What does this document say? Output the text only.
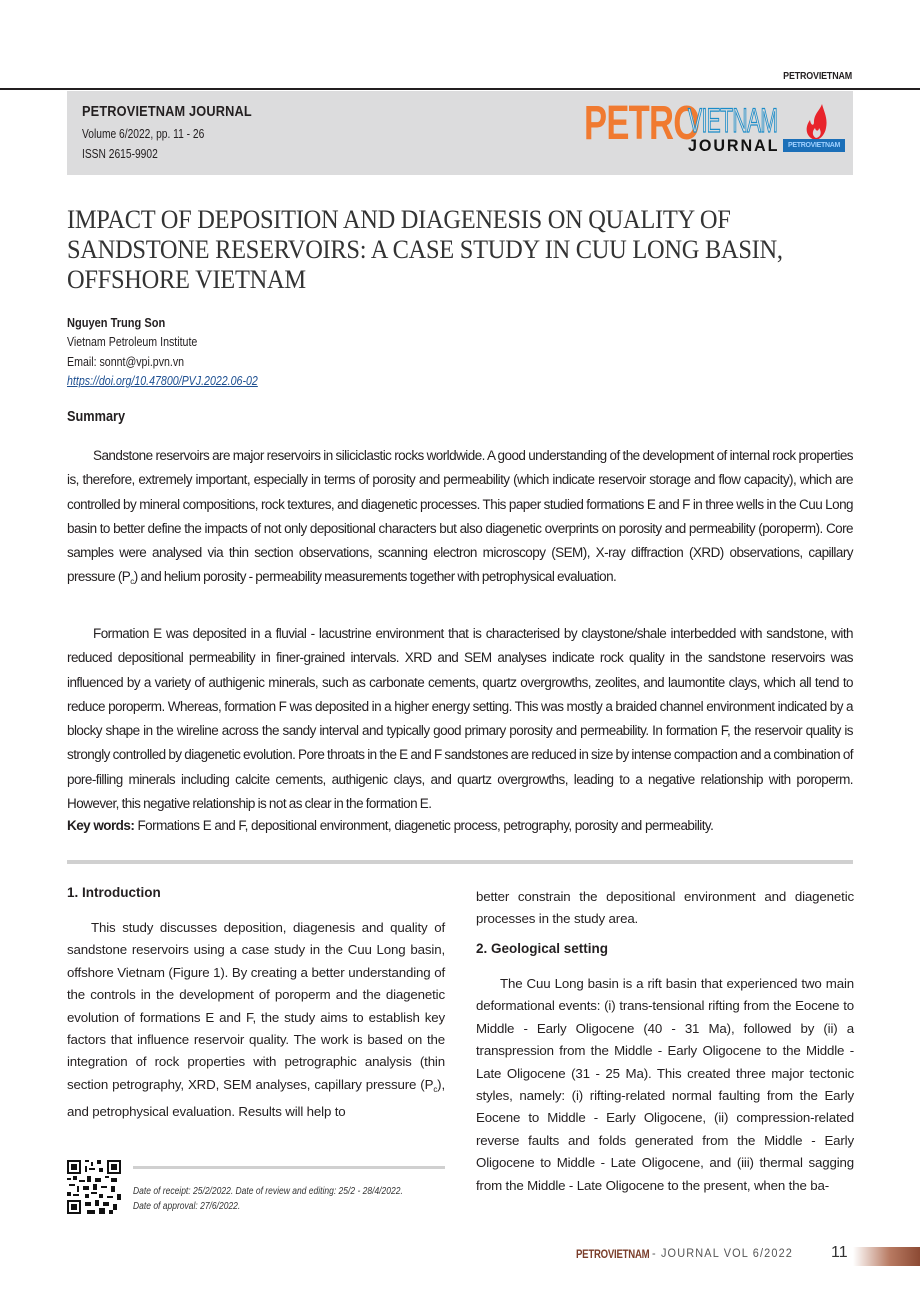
PETROVIETNAM
PETROVIETNAM JOURNAL
Volume 6/2022, pp. 11 - 26
ISSN 2615-9902
PETRO
VIETNAM
JOURNAL	PETROVIETNAM
IMPACT OF DEPOSITION AND DIAGENESIS ON QUALITY OF SANDSTONE RESERVOIRS: A CASE STUDY IN CUU LONG BASIN, OFFSHORE VIETNAM
Nguyen Trung Son
Vietnam Petroleum Institute
Email: sonnt@vpi.pvn.vn
https://doi.org/10.47800/PVJ.2022.06-02
Summary

Sandstone reservoirs are major reservoirs in siliciclastic rocks worldwide. A good understanding of the development of internal rock properties is, therefore, extremely important, especially in terms of porosity and permeability (which indicate reservoir storage and flow capacity), which are controlled by mineral compositions, rock textures, and diagenetic processes. This paper studied formations E and F in three wells in the Cuu Long basin to better define the impacts of not only depositional characters but also diagenetic overprints on porosity and permeability (poroperm). Core samples were analysed via thin section observations, scanning electron microscopy (SEM), X-ray diffraction (XRD) observations, capillary pressure $(P_c)$ and helium porosity - permeability measurements together with petrophysical evaluation.

Formation E was deposited in a fluvial - lacustrine environment that is characterised by claystone/shale interbedded with sandstone, with reduced depositional permeability in finer-grained intervals. XRD and SEM analyses indicate rock quality in the sandstone reservoirs was influenced by a variety of authigenic minerals, such as carbonate cements, quartz overgrowths, zeolites, and laumontite clays, which all tend to reduce poroperm. Whereas, formation F was deposited in a higher energy setting. This was mostly a braided channel environment indicated by a blocky shape in the wireline across the sandy interval and typically good primary porosity and permeability. In formation F, the reservoir quality is strongly controlled by diagenetic evolution. Pore throats in the E and F sandstones are reduced in size by intense compaction and a combination of pore-filling minerals including calcite cements, authigenic clays, and quartz overgrowths, leading to a negative relationship with poroperm. However, this negative relationship is not as clear in the formation E.

Key words: Formations E and F, depositional environment, diagenetic process, petrography, porosity and permeability.

1. Introduction

This study discusses deposition, diagenesis and quality of sandstone reservoirs using a case study in the Cuu Long basin, offshore Vietnam (Figure 1). By creating a better understanding of the controls in the development of poroperm and the diagenetic evolution of formations E and F, the study aims to establish key factors that influence reservoir quality. The work is based on the integration of rock properties with petrographic analysis (thin section petrography, XRD, SEM analyses, capillary pressure $(P_c)$, and petrophysical evaluation. Results will help to

Date of receipt: 25/2/2022. Date of review and editing: 25/2 - 28/4/2022.
Date of approval: 27/6/2022.

better constrain the depositional environment and diagenetic processes in the study area.

2. Geological setting

The Cuu Long basin is a rift basin that experienced two main deformational events: (i) trans-tensional rifting from the Eocene to Middle - Early Oligocene (40 - 31 Ma), followed by (ii) a transpression from the Middle - Early Oligocene to the Middle - Late Oligocene (31 - 25 Ma). This created three major tectonic styles, namely: (i) rifting-related normal faulting from the Early Eocene to Middle - Early Oligocene, (ii) compression-related reverse faults and folds generated from the Middle - Early Oligocene to Middle - Late Oligocene, and (iii) thermal sagging from the Middle - Late Oligocene to the present, when the ba-

PETROVIETNAM - JOURNAL VOL 6/2022 11
